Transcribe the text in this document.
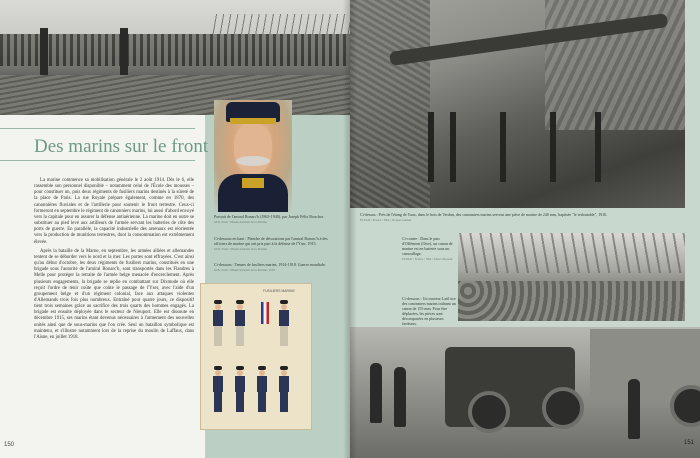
Des marins sur le front

La marine commence sa mobilisation générale le 2 août 1914. Dès le 6, elle rassemble son personnel disponible – notamment celui de l'École des mousses – pour constituer un, puis deux régiments de fusiliers marins destinés à la sûreté de la place de Paris. La rue Royale prépare également, comme en 1870, des canonnières fluviales et de l'artillerie pour soutenir le front terrestre. Ceux-ci formeront en septembre le régiment de canonniers marins, lui aussi d'abord envoyé vers la capitale pour en assurer la défense antiaérienne. La marine doit en outre se substituer au pied levé aux artilleurs de l'armée servant les batteries de côte des ports de guerre. En parallèle, la capacité industrielle des arsenaux est réorientée vers la production de munitions terrestres, dont la consommation est extrêmement élevée.

Après la bataille de la Marne, en septembre, les armées alliées et allemandes tentent de se déborder vers le nord et la mer. Les portes sont effrayées. C'est ainsi qu'au début d'octobre, les deux régiments de fusiliers marins, constitués en une brigade sous l'autorité de l'amiral Ronarc'h, sont transportés dans les Flandres à Melle pour protéger la retraite de l'armée belge menacée d'encerclement. Après plusieurs engagements, la brigade se replie en combattant sur Dixmude où elle reçoit l'ordre de tenir coûte que coûte le passage de l'Yser, avec l'aide d'un groupement belge et d'un régiment colonial, face aux attaques violentes d'Allemands trois fois plus nombreux. Entraîné pour quatre jours, ce dispositif tient trois semaines grâce au sacrifice des trois quarts des hommes engagés. La brigade est ensuite déployée dans le secteur de Nieuport. Elle est dissoute en décembre 1915, ses marins étant devenus nécessaires à l'armement des nouvelles unités ainsi que de sous-marins que l'on crée. Seul un bataillon symbolique est maintenu, et s'illustre notamment lors de la reprise du moulin de Laffaux, dans l'Aisne, en juillet 1918.

Portrait de l'amiral Ronarc'h (1865-1940), par Joseph Félix Bouchor.
M.N. Paris / Musée national de la Marine
Ci-dessous en haut : Planche de décorations par l'amiral Ronarc'h à des officiers de marine qui ont pris part à la défense de l'Yser, 1915.
M.N. Paris / Musée national de la Marine
Ci-dessous : Tenues de fusiliers marins, 1914-1918. Guerre mondiale.
M.N. Paris / Musée national de la Marine, 1918
FUSILIERS MARINS
150
Ci-dessus : Près de l'étang de Vaux, dans le bois de Verdun, des canonniers marins servent une pièce de marine de 240 mm, baptisée "le redoutable", 1916.
ECPAD / France / SPA / Jacques Gumal
Ci-contre : Dans le parc d'Offémont (Oise), un canon de marine est en batterie sous un camouflage.
ECPAD / France / SPA / Albert Moreau
Ci-dessous : Un tracteur Latil tire des canonniers marins traînant un canon de 155 mm. Pour être déplacées, les pièces sont décomposées en plusieurs fardeaux.
151
